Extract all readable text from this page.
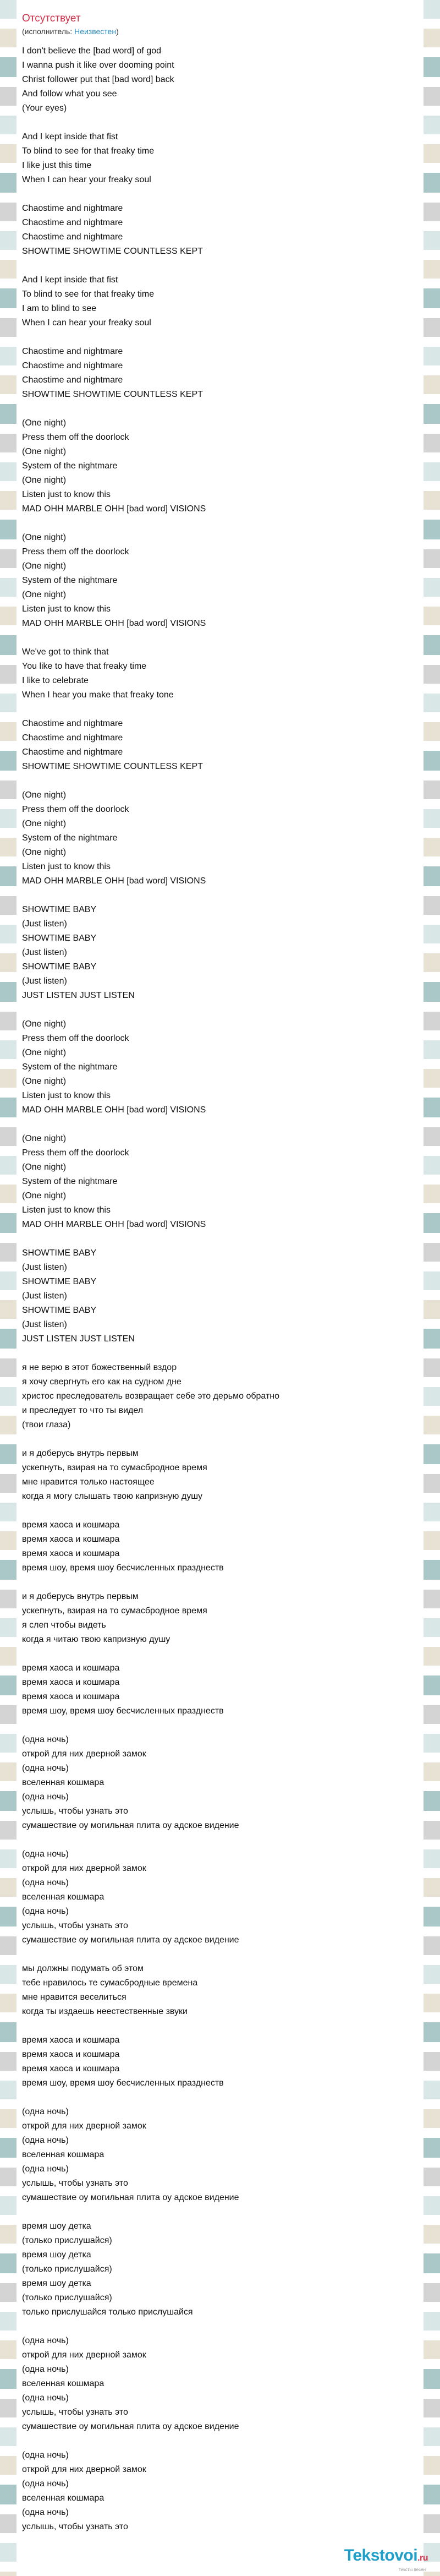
Отсутствует
(исполнитель: Неизвестен)
I don't believe the [bad word] of god
I wanna push it like over dooming point
Christ follower put that [bad word] back
And follow what you see
(Your eyes)
And I kept inside that fist
To blind to see for that freaky time
I like just this time
When I can hear your freaky soul
Chaostime and nightmare
Chaostime and nightmare
Chaostime and nightmare
SHOWTIME SHOWTIME COUNTLESS KEPT
And I kept inside that fist
To blind to see for that freaky time
I am to blind to see
When I can hear your freaky soul
Chaostime and nightmare
Chaostime and nightmare
Chaostime and nightmare
SHOWTIME SHOWTIME COUNTLESS KEPT
(One night)
Press them off the doorlock
(One night)
System of the nightmare
(One night)
Listen just to know this
MAD OHH MARBLE OHH [bad word] VISIONS
(One night)
Press them off the doorlock
(One night)
System of the nightmare
(One night)
Listen just to know this
MAD OHH MARBLE OHH [bad word] VISIONS
We've got to think that
You like to have that freaky time
I like to celebrate
When I hear you make that freaky tone
Chaostime and nightmare
Chaostime and nightmare
Chaostime and nightmare
SHOWTIME SHOWTIME COUNTLESS KEPT
(One night)
Press them off the doorlock
(One night)
System of the nightmare
(One night)
Listen just to know this
MAD OHH MARBLE OHH [bad word] VISIONS
SHOWTIME BABY
(Just listen)
SHOWTIME BABY
(Just listen)
SHOWTIME BABY
(Just listen)
JUST LISTEN JUST LISTEN
(One night)
Press them off the doorlock
(One night)
System of the nightmare
(One night)
Listen just to know this
MAD OHH MARBLE OHH [bad word] VISIONS
(One night)
Press them off the doorlock
(One night)
System of the nightmare
(One night)
Listen just to know this
MAD OHH MARBLE OHH [bad word] VISIONS
SHOWTIME BABY
(Just listen)
SHOWTIME BABY
(Just listen)
SHOWTIME BABY
(Just listen)
JUST LISTEN JUST LISTEN
я не верю в этот божественный вздор
я хочу свергнуть его как на судном дне
христос преследователь возвращает себе это дерьмо обратно
и преследует то что ты видел
(твои глаза)
и я доберусь внутрь первым
ускепнуть, взирая на то сумасбродное время
мне нравится только настоящее
когда я могу слышать твою капризную душу
время хаоса и кошмара
время хаоса и кошмара
время хаоса и кошмара
время шоу, время шоу бесчисленных празднеств
и я доберусь внутрь первым
ускепнуть, взирая на то сумасбродное время
я слеп чтобы видеть
когда я читаю твою капризную душу
время хаоса и кошмара
время хаоса и кошмара
время хаоса и кошмара
время шоу, время шоу бесчисленных празднеств
(одна ночь)
открой для них дверной замок
(одна ночь)
вселенная кошмара
(одна ночь)
услышь, чтобы узнать это
сумашествие оу могильная плита оу адское видение
(одна ночь)
открой для них дверной замок
(одна ночь)
вселенная кошмара
(одна ночь)
услышь, чтобы узнать это
сумашествие оу могильная плита оу адское видение
мы должны подумать об этом
тебе нравилось те сумасбродные времена
мне нравится веселиться
когда ты издаешь неестественные звуки
время хаоса и кошмара
время хаоса и кошмара
время хаоса и кошмара
время шоу, время шоу бесчисленных празднеств
(одна ночь)
открой для них дверной замок
(одна ночь)
вселенная кошмара
(одна ночь)
услышь, чтобы узнать это
сумашествие оу могильная плита оу адское видение
время шоу детка
(только прислушайся)
время шоу детка
(только прислушайся)
время шоу детка
(только прислушайся)
только прислушайся только прислушайся
(одна ночь)
открой для них дверной замок
(одна ночь)
вселенная кошмара
(одна ночь)
услышь, чтобы узнать это
сумашествие оу могильная плита оу адское видение
(одна ночь)
открой для них дверной замок
(одна ночь)
вселенная кошмара
(одна ночь)
услышь, чтобы узнать это
Tekstovoi.ru
тексты песен
